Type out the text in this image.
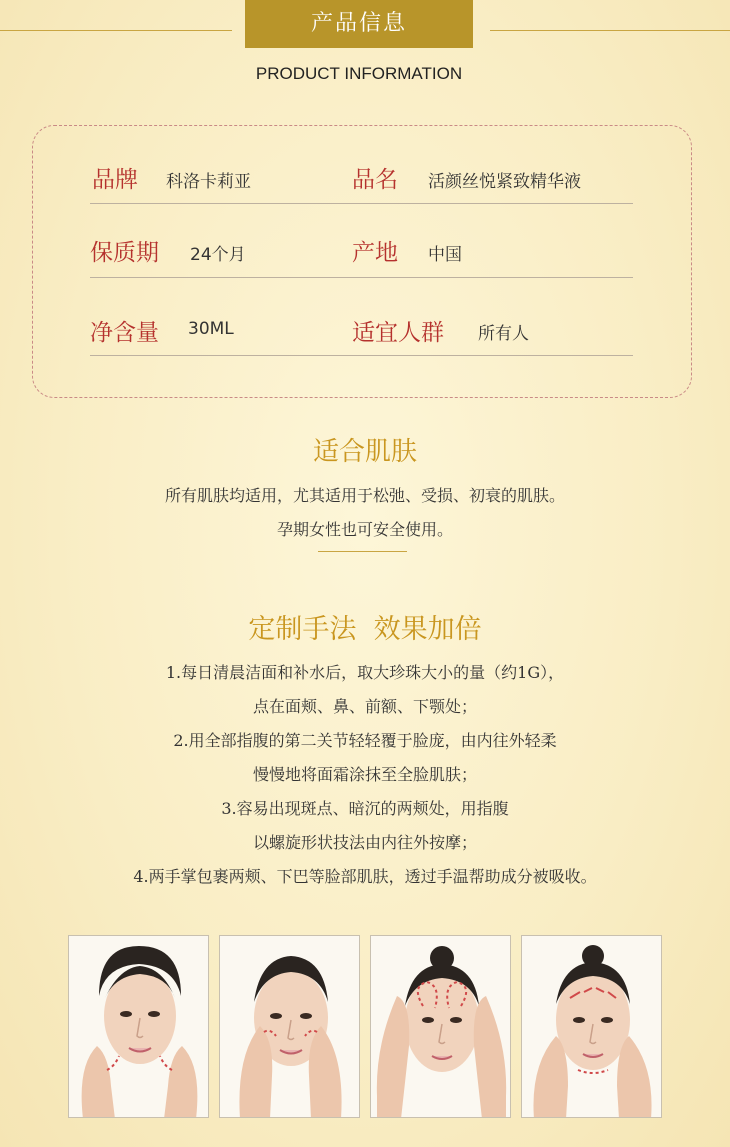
产品信息
PRODUCT INFORMATION
品牌 科洛卡莉亚	品名 活颜丝悦紧致精华液
保质期 24个月	产地 中国
净含量 30ML	适宜人群 所有人
适合肌肤
所有肌肤均适用，尤其适用于松弛、受损、初衰的肌肤。
孕期女性也可安全使用。
定制手法  效果加倍
1.每日清晨洁面和补水后，取大珍珠大小的量（约1G），
点在面颊、鼻、前额、下颚处；
2.用全部指腹的第二关节轻轻覆于脸庞，由内往外轻柔
慢慢地将面霜涂抹至全脸肌肤；
3.容易出现斑点、暗沉的两颊处，用指腹
以螺旋形状技法由内往外按摩；
4.两手掌包裹两颊、下巴等脸部肌肤，透过手温帮助成分被吸收。
